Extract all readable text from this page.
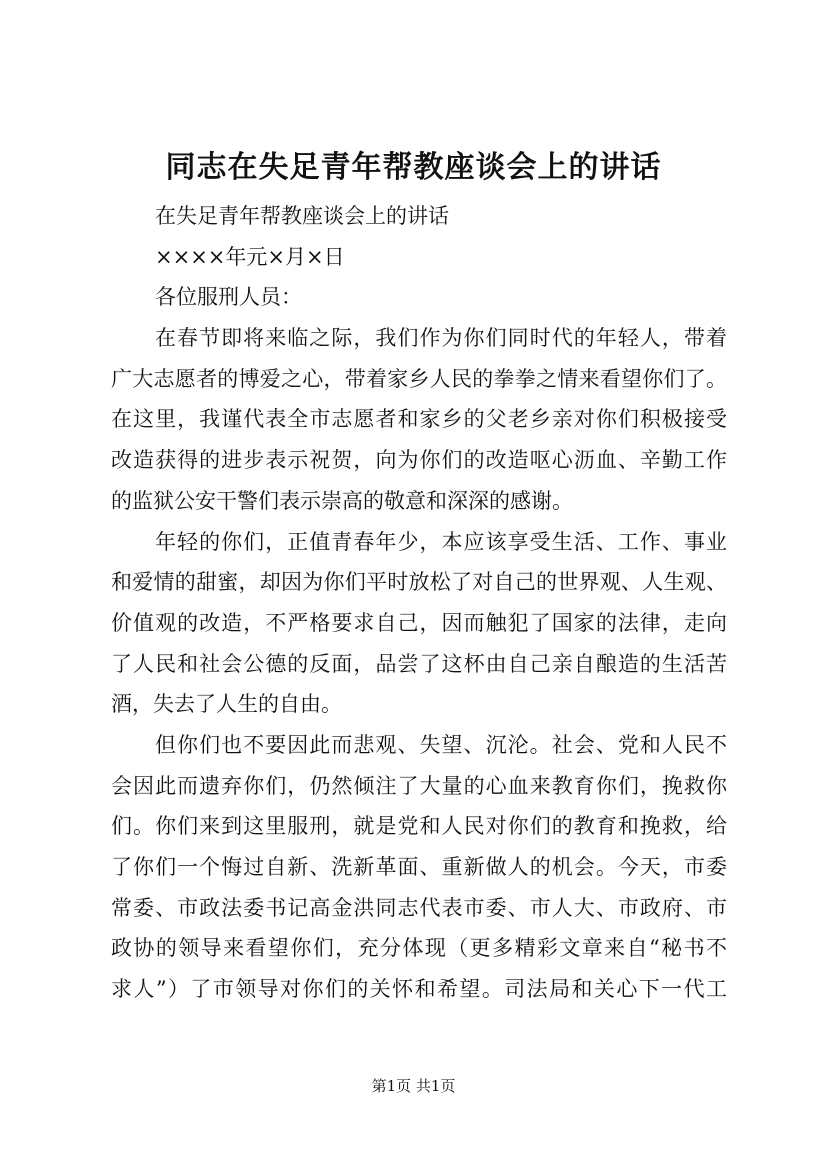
同志在失足青年帮教座谈会上的讲话
在失足青年帮教座谈会上的讲话
××××年元×月×日
各位服刑人员：
在春节即将来临之际，我们作为你们同时代的年轻人，带着
广大志愿者的博爱之心，带着家乡人民的拳拳之情来看望你们了。
在这里，我谨代表全市志愿者和家乡的父老乡亲对你们积极接受
改造获得的进步表示祝贺，向为你们的改造呕心沥血、辛勤工作
的监狱公安干警们表示崇高的敬意和深深的感谢。
年轻的你们，正值青春年少，本应该享受生活、工作、事业
和爱情的甜蜜，却因为你们平时放松了对自己的世界观、人生观、
价值观的改造，不严格要求自己，因而触犯了国家的法律，走向
了人民和社会公德的反面，品尝了这杯由自己亲自酿造的生活苦
酒，失去了人生的自由。
但你们也不要因此而悲观、失望、沉沦。社会、党和人民不
会因此而遗弃你们，仍然倾注了大量的心血来教育你们，挽救你
们。你们来到这里服刑，就是党和人民对你们的教育和挽救，给
了你们一个悔过自新、洗新革面、重新做人的机会。今天，市委
常委、市政法委书记高金洪同志代表市委、市人大、市政府、市
政协的领导来看望你们，充分体现（更多精彩文章来自“秘书不
求人”）了市领导对你们的关怀和希望。司法局和关心下一代工
第1页 共1页
